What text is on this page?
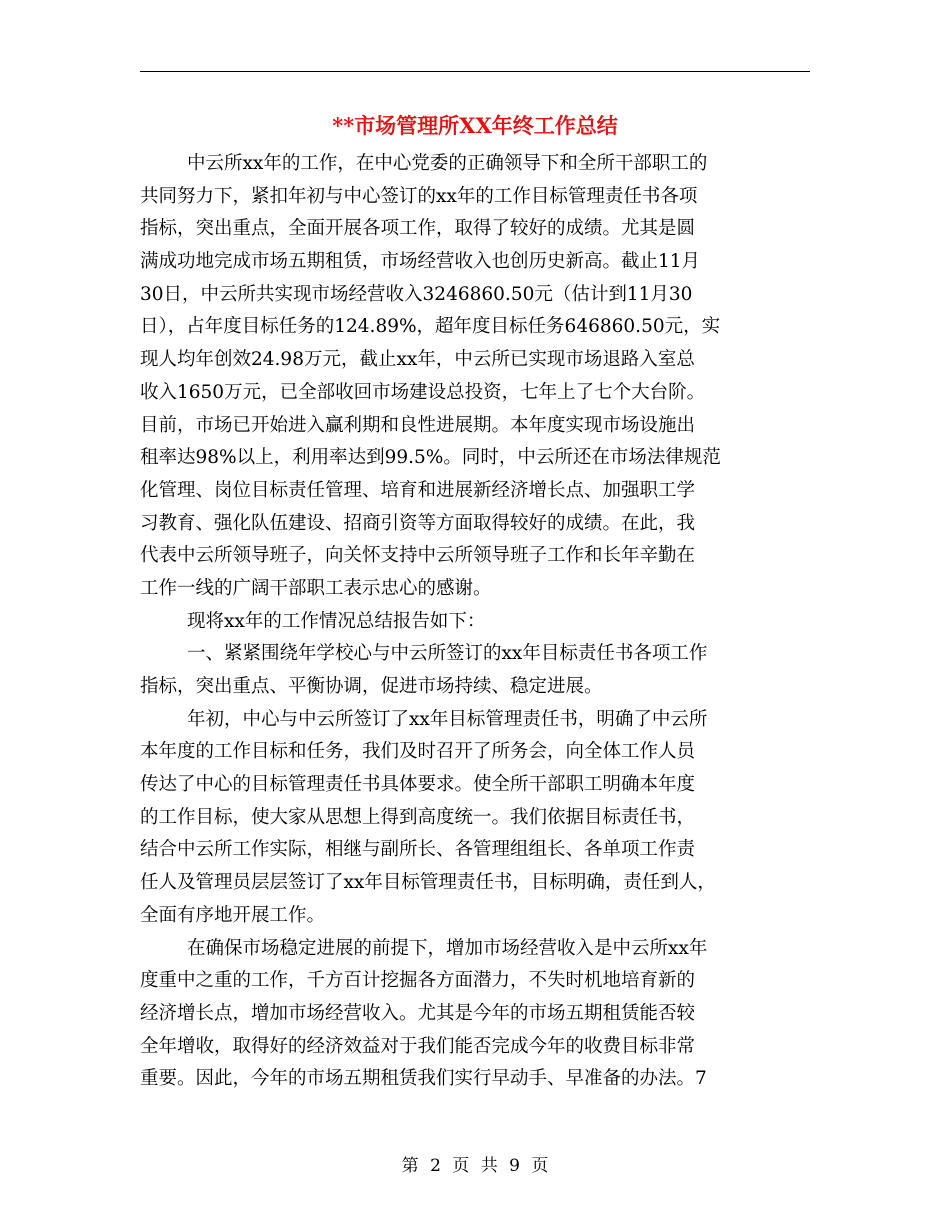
**市场管理所XX年终工作总结

中云所xx年的工作，在中心党委的正确领导下和全所干部职工的
共同努力下，紧扣年初与中心签订的xx年的工作目标管理责任书各项
指标，突出重点，全面开展各项工作，取得了较好的成绩。尤其是圆
满成功地完成市场五期租赁，市场经营收入也创历史新高。截止11月
30日，中云所共实现市场经营收入3246860.50元（估计到11月30
日），占年度目标任务的124.89%，超年度目标任务646860.50元，实
现人均年创效24.98万元，截止xx年，中云所已实现市场退路入室总
收入1650万元，已全部收回市场建设总投资，七年上了七个大台阶。
目前，市场已开始进入赢利期和良性进展期。本年度实现市场设施出
租率达98%以上，利用率达到99.5%。同时，中云所还在市场法律规范
化管理、岗位目标责任管理、培育和进展新经济增长点、加强职工学
习教育、强化队伍建设、招商引资等方面取得较好的成绩。在此，我
代表中云所领导班子，向关怀支持中云所领导班子工作和长年辛勤在
工作一线的广阔干部职工表示忠心的感谢。

现将xx年的工作情况总结报告如下：

一、紧紧围绕年学校心与中云所签订的xx年目标责任书各项工作
指标，突出重点、平衡协调，促进市场持续、稳定进展。

年初，中心与中云所签订了xx年目标管理责任书，明确了中云所
本年度的工作目标和任务，我们及时召开了所务会，向全体工作人员
传达了中心的目标管理责任书具体要求。使全所干部职工明确本年度
的工作目标，使大家从思想上得到高度统一。我们依据目标责任书，
结合中云所工作实际，相继与副所长、各管理组组长、各单项工作责
任人及管理员层层签订了xx年目标管理责任书，目标明确，责任到人，
全面有序地开展工作。

在确保市场稳定进展的前提下，增加市场经营收入是中云所xx年
度重中之重的工作，千方百计挖掘各方面潜力，不失时机地培育新的
经济增长点，增加市场经营收入。尤其是今年的市场五期租赁能否较
全年增收，取得好的经济效益对于我们能否完成今年的收费目标非常
重要。因此，今年的市场五期租赁我们实行早动手、早准备的办法。7

第 2 页 共 9 页
